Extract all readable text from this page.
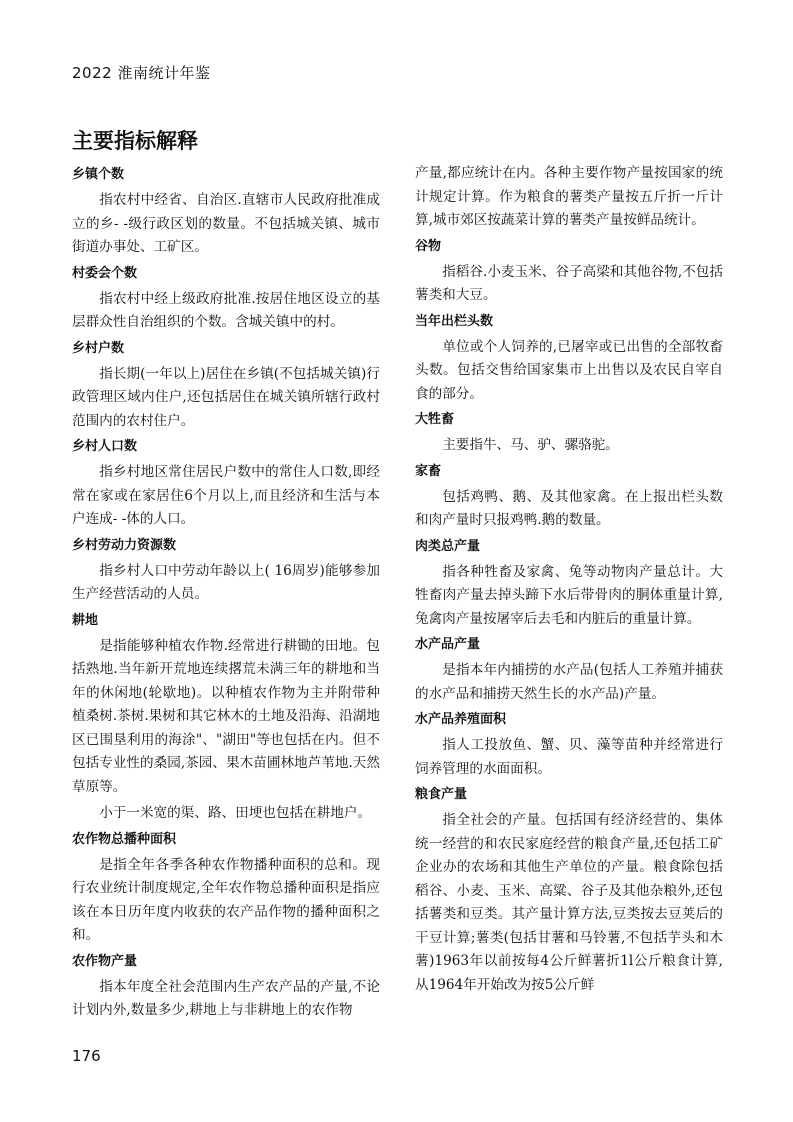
2022 淮南统计年鉴
主要指标解释
乡镇个数

指农村中经省、自治区.直辖市人民政府批准成立的乡- -级行政区划的数量。不包括城关镇、城市街道办事处、工矿区。

村委会个数

指农村中经上级政府批准.按居住地区设立的基层群众性自治组织的个数。含城关镇中的村。

乡村户数

指长期(一年以上)居住在乡镇(不包括城关镇)行政管理区域内住户,还包括居住在城关镇所辖行政村范围内的农村住户。

乡村人口数

指乡村地区常住居民户数中的常住人口数,即经常在家或在家居住6个月以上,而且经济和生活与本户连成- -体的人口。

乡村劳动力资源数

指乡村人口中劳动年龄以上( 16周岁)能够参加生产经营活动的人员。

耕地

是指能够种植农作物.经常进行耕锄的田地。包括熟地.当年新开荒地连续撂荒未满三年的耕地和当年的休闲地(轮歇地)。以种植农作物为主并附带种植桑树.茶树.果树和其它林木的土地及沿海、沿湖地区已围垦利用的海涂"、"湖田"等也包括在内。但不包括专业性的桑园,茶园、果木苗圃林地芦苇地.天然草原等。

小于一米宽的渠、路、田埂也包括在耕地户。

农作物总播种面积

是指全年各季各种农作物播种面积的总和。现行农业统计制度规定,全年农作物总播种面积是指应该在本日历年度内收获的农产品作物的播种面积之和。

农作物产量

指本年度全社会范围内生产农产品的产量,不论计划内外,数量多少,耕地上与非耕地上的农作物

产量,都应统计在内。各种主要作物产量按国家的统计规定计算。作为粮食的薯类产量按五斤折一斤计算,城市郊区按蔬菜计算的薯类产量按鲜品统计。

谷物

指稻谷.小麦玉米、谷子高梁和其他谷物,不包括薯类和大豆。

当年出栏头数

单位或个人饲养的,已屠宰或已出售的全部牧畜头数。包括交售给国家集市上出售以及农民自宰自食的部分。

大牲畜

主要指牛、马、驴、骡骆驼。

家畜

包括鸡鸭、鹅、及其他家禽。在上报出栏头数和肉产量时只报鸡鸭.鹅的数量。

肉类总产量

指各种牲畜及家禽、兔等动物肉产量总计。大牲畜肉产量去掉头蹄下水后带骨肉的胴体重量计算,兔禽肉产量按屠宰后去毛和内脏后的重量计算。

水产品产量

是指本年内捕捞的水产品(包括人工养殖并捕获的水产品和捕捞天然生长的水产品)产量。

水产品养殖面积

指人工投放鱼、蟹、贝、藻等苗种并经常进行饲养管理的水面面积。

粮食产量

指全社会的产量。包括国有经济经营的、集体统一经营的和农民家庭经营的粮食产量,还包括工矿企业办的农场和其他生产单位的产量。粮食除包括稻谷、小麦、玉米、高粱、谷子及其他杂粮外,还包括薯类和豆类。其产量计算方法,豆类按去豆荚后的干豆计算;薯类(包括甘薯和马铃薯,不包括芋头和木薯)1963年以前按每4公斤鲜薯折1l公斤粮食计算,从1964年开始改为按5公斤鲜

176
